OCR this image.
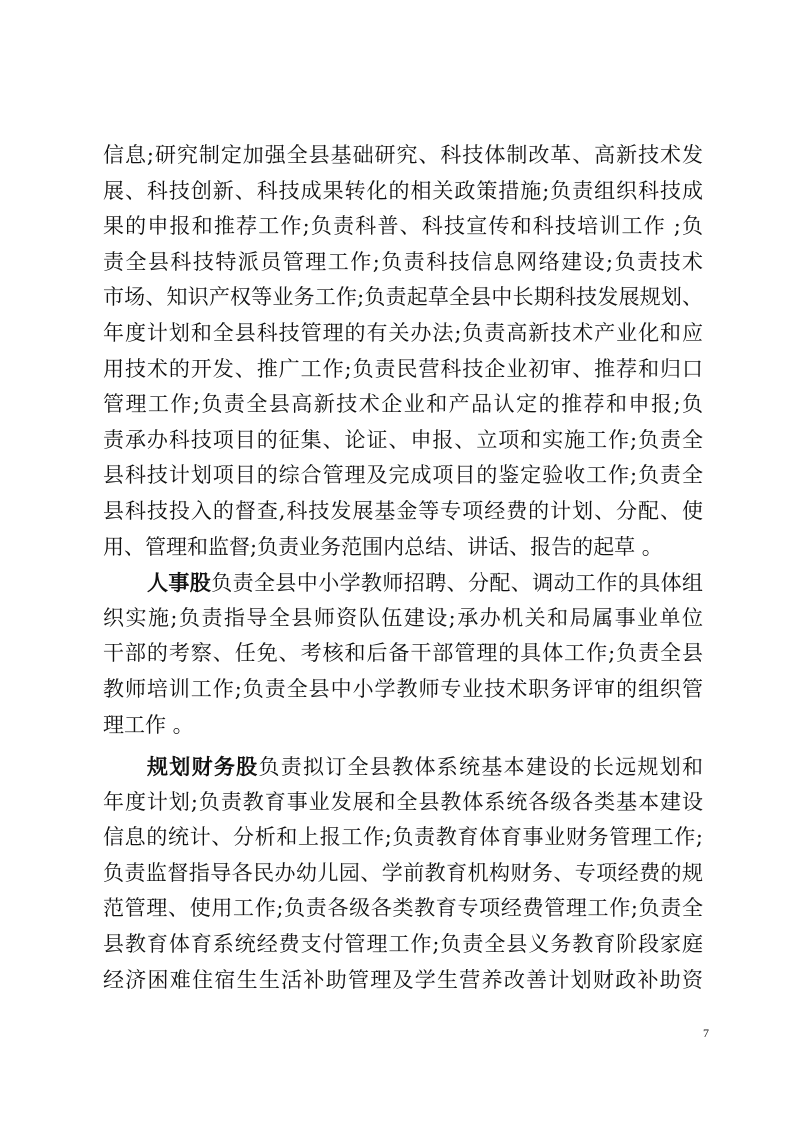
信息;研究制定加强全县基础研究、科技体制改革、高新技术发
展、科技创新、科技成果转化的相关政策措施;负责组织科技成
果的申报和推荐工作;负责科普、科技宣传和科技培训工作 ;负
责全县科技特派员管理工作;负责科技信息网络建设;负责技术
市场、知识产权等业务工作;负责起草全县中长期科技发展规划、
年度计划和全县科技管理的有关办法;负责高新技术产业化和应
用技术的开发、推广工作;负责民营科技企业初审、推荐和归口
管理工作;负责全县高新技术企业和产品认定的推荐和申报;负
责承办科技项目的征集、论证、申报、立项和实施工作;负责全
县科技计划项目的综合管理及完成项目的鉴定验收工作;负责全
县科技投入的督查,科技发展基金等专项经费的计划、分配、使
用、管理和监督;负责业务范围内总结、讲话、报告的起草 。
人事股负责全县中小学教师招聘、分配、调动工作的具体组
织实施;负责指导全县师资队伍建设;承办机关和局属事业单位
干部的考察、任免、考核和后备干部管理的具体工作;负责全县
教师培训工作;负责全县中小学教师专业技术职务评审的组织管
理工作 。
规划财务股负责拟订全县教体系统基本建设的长远规划和
年度计划;负责教育事业发展和全县教体系统各级各类基本建设
信息的统计、分析和上报工作;负责教育体育事业财务管理工作;
负责监督指导各民办幼儿园、学前教育机构财务、专项经费的规
范管理、使用工作;负责各级各类教育专项经费管理工作;负责全
县教育体育系统经费支付管理工作;负责全县义务教育阶段家庭
经济困难住宿生生活补助管理及学生营养改善计划财政补助资
7
